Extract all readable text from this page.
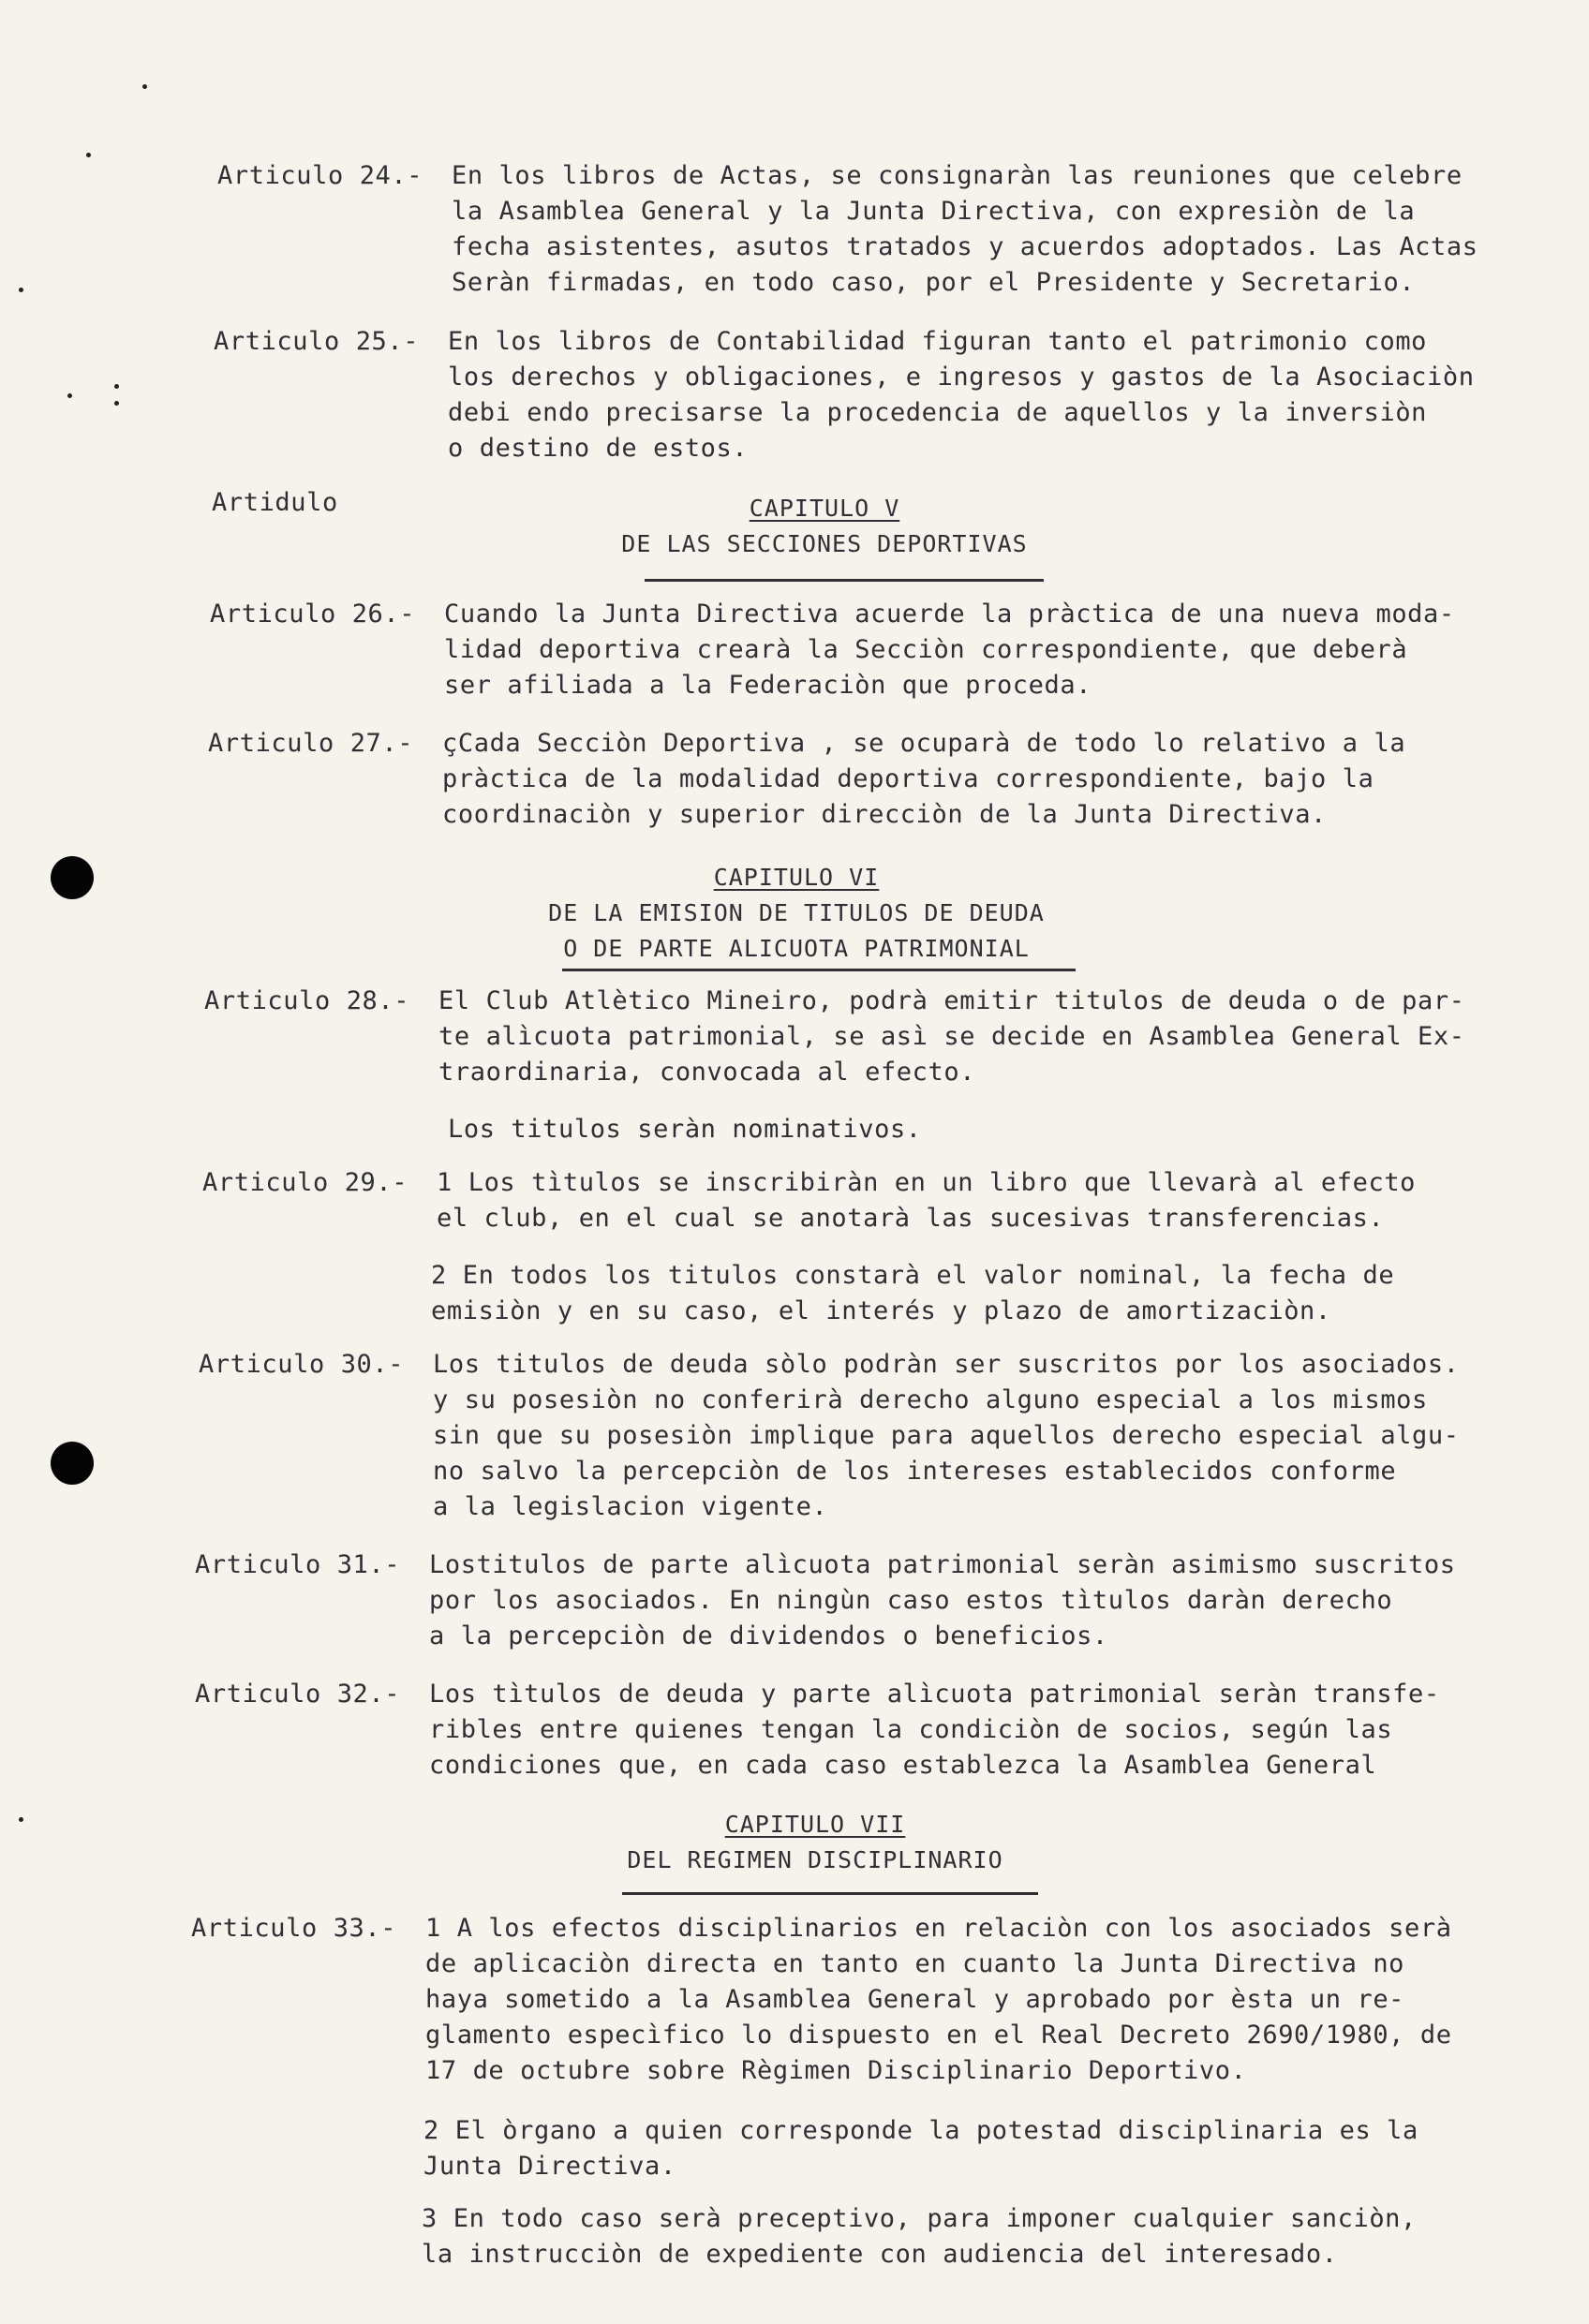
Articulo 24.- En los libros de Actas, se consignaràn las reuniones que celebre
la Asamblea General y la Junta Directiva, con expresiòn de la
fecha asistentes, asutos tratados y acuerdos adoptados. Las Actas
Seràn firmadas, en todo caso, por el Presidente y Secretario.
Articulo 25.- En los libros de Contabilidad figuran tanto el patrimonio como
los derechos y obligaciones, e ingresos y gastos de la Asociaciòn
debi endo precisarse la procedencia de aquellos y la inversiòn
o destino de estos.
Artidulo	CAPITULO V
DE LAS SECCIONES DEPORTIVAS
Articulo 26.- Cuando la Junta Directiva acuerde la pràctica de una nueva moda-
lidad deportiva crearà la Secciòn correspondiente, que deberà
ser afiliada a la Federaciòn que proceda.
Articulo 27.- çCada Secciòn Deportiva , se ocuparà de todo lo relativo a la
pràctica de la modalidad deportiva correspondiente, bajo la
coordinaciòn y superior direcciòn de la Junta Directiva.
CAPITULO VI
DE LA EMISION DE TITULOS DE DEUDA
O DE PARTE ALICUOTA PATRIMONIAL
Articulo 28.- El Club Atlètico Mineiro, podrà emitir titulos de deuda o de par-
te alìcuota patrimonial, se asì se decide en Asamblea General Ex-
traordinaria, convocada al efecto.
Los titulos seràn nominativos.
Articulo 29.- 1 Los tìtulos se inscribiràn en un libro que llevarà al efecto
el club, en el cual se anotarà las sucesivas transferencias.
2 En todos los titulos constarà el valor nominal, la fecha de
emisiòn y en su caso, el interés y plazo de amortizaciòn.
Articulo 30.- Los titulos de deuda sòlo podràn ser suscritos por los asociados.
y su posesiòn no conferirà derecho alguno especial a los mismos
sin que su posesiòn implique para aquellos derecho especial algu-
no salvo la percepciòn de los intereses establecidos conforme
a la legislacion vigente.
Articulo 31.- Lostitulos de parte alìcuota patrimonial seràn asimismo suscritos
por los asociados. En ningùn caso estos tìtulos daràn derecho
a la percepciòn de dividendos o beneficios.
Articulo 32.- Los tìtulos de deuda y parte alìcuota patrimonial seràn transfe-
ribles entre quienes tengan la condiciòn de socios, según las
condiciones que, en cada caso establezca la Asamblea General
CAPITULO VII
DEL REGIMEN DISCIPLINARIO
Articulo 33.- 1 A los efectos disciplinarios en relaciòn con los asociados serà
de aplicaciòn directa en tanto en cuanto la Junta Directiva no
haya sometido a la Asamblea General y aprobado por èsta un re-
glamento especìfico lo dispuesto en el Real Decreto 2690/1980, de
17 de octubre sobre Règimen Disciplinario Deportivo.
2 El òrgano a quien corresponde la potestad disciplinaria es la
Junta Directiva.
3 En todo caso serà preceptivo, para imponer cualquier sanciòn,
la instrucciòn de expediente con audiencia del interesado.
